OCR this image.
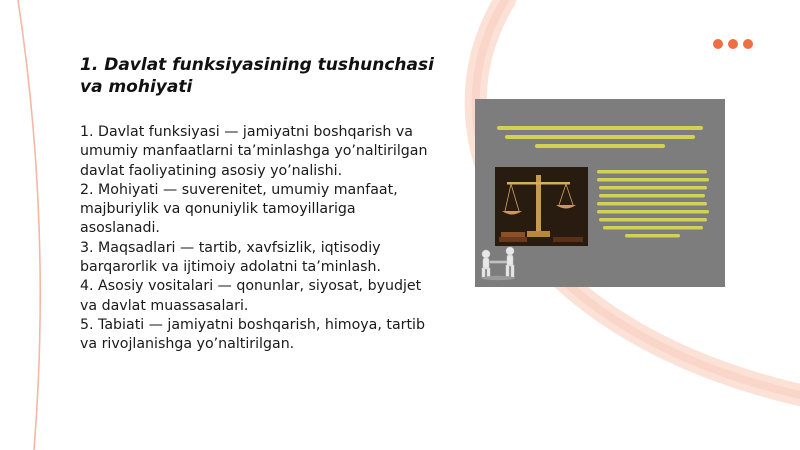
1. Davlat funksiyasining tushunchasi va mohiyati

1. Davlat funksiyasi — jamiyatni boshqarish va umumiy manfaatlarni ta’minlashga yo’naltirilgan davlat faoliyatining asosiy yo’nalishi.

2. Mohiyati — suverenitet, umumiy manfaat, majburiylik va qonuniylik tamoyillariga asoslanadi.

3. Maqsadlari — tartib, xavfsizlik, iqtisodiy barqarorlik va ijtimoiy adolatni ta’minlash.

4. Asosiy vositalari — qonunlar, siyosat, byudjet va davlat muassasalari.

5. Tabiati — jamiyatni boshqarish, himoya, tartib va rivojlanishga yo’naltirilgan.
